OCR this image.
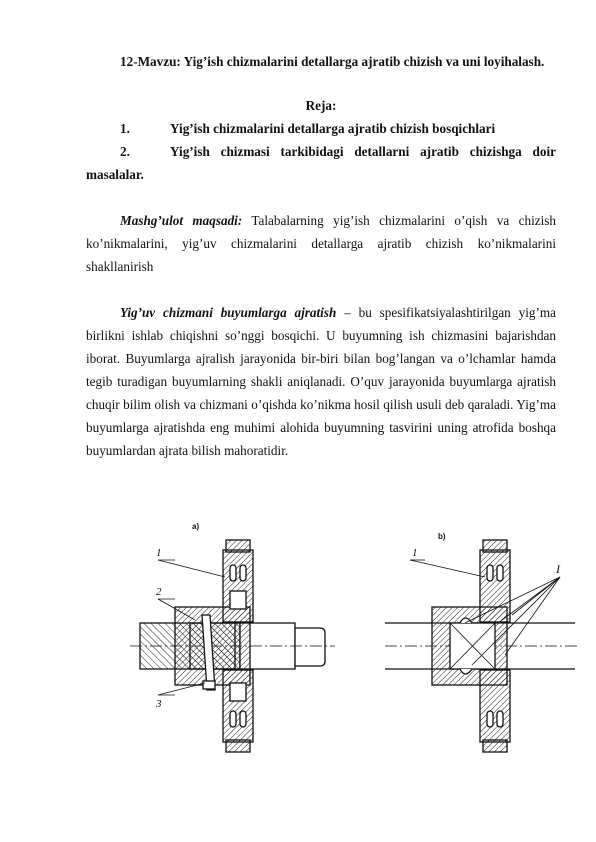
12-Mavzu: Yig’ish chizmalarini detallarga ajratib chizish va uni loyihalash.

Reja:

1.	Yig’ish chizmalarini detallarga ajratib chizish bosqichlari

2.	Yig’ish chizmasi tarkibidagi detallarni ajratib chizishga doir masalalar.

Mashg’ulot maqsadi: Talabalarning yig’ish chizmalarini o’qish va chizish ko’nikmalarini, yig’uv chizmalarini detallarga ajratib chizish ko’nikmalarini shakllanirish

Yig’uv chizmani buyumlarga ajratish – bu spesifikatsiyalashtirilgan yig’ma birlikni ishlab chiqishni so’nggi bosqichi. U buyumning ish chizmasini bajarishdan iborat. Buyumlarga ajralish jarayonida bir-biri bilan bog’langan va o’lchamlar hamda tegib turadigan buyumlarning shakli aniqlanadi. O’quv jarayonida buyumlarga ajratish chuqir bilim olish va chizmani o’qishda ko’nikma hosil qilish usuli deb qaraladi. Yig’ma buyumlarga ajratishda eng muhimi alohida buyumning tasvirini uning atrofida boshqa buyumlardan ajrata bilish mahoratidir.

a)
b)
1
2
3
1
I
